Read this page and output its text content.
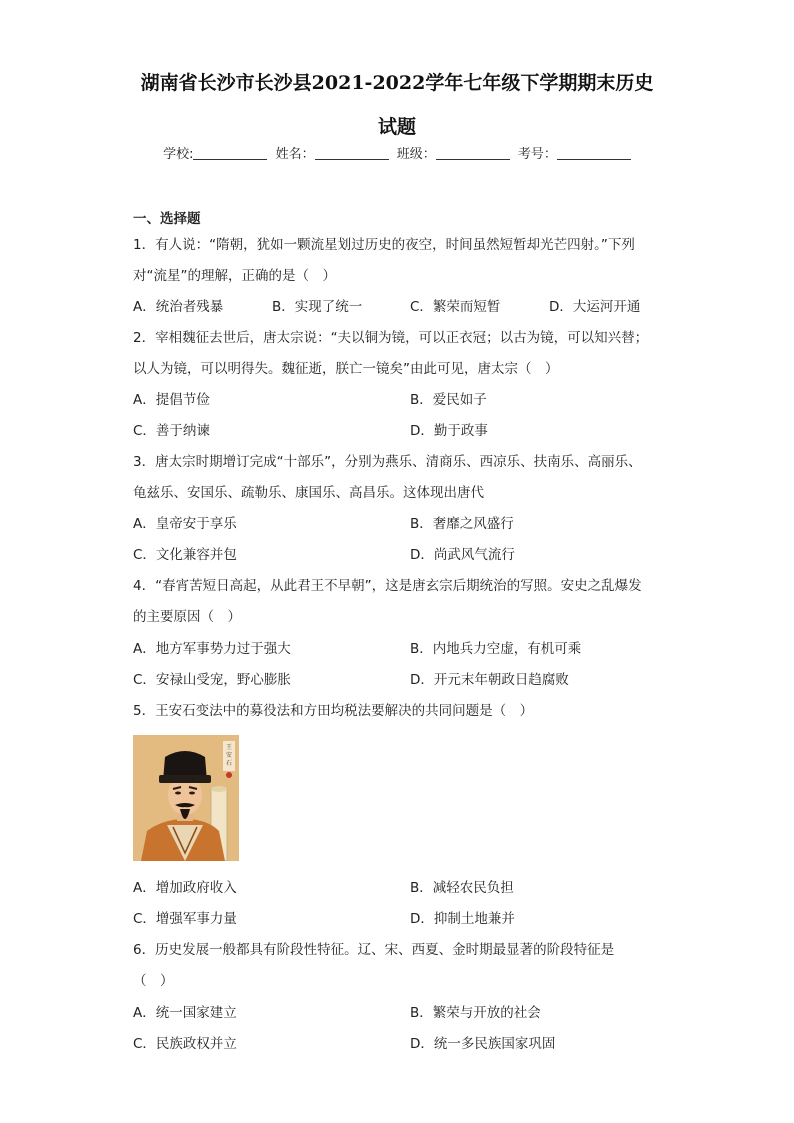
湖南省长沙市长沙县2021-2022学年七年级下学期期末历史
试题
学校:	姓名：	班级：	考号：
一、选择题
1．有人说：“隋朝，犹如一颗流星划过历史的夜空，时间虽然短暂却光芒四射。”下列
对“流星”的理解，正确的是（　）
A．统治者残暴	B．实现了统一	C．繁荣而短暂	D．大运河开通
2．宰相魏征去世后，唐太宗说：“夫以铜为镜，可以正衣冠；以古为镜，可以知兴替；
以人为镜，可以明得失。魏征逝，朕亡一镜矣”由此可见，唐太宗（　）
A．提倡节俭	B．爱民如子
C．善于纳谏	D．勤于政事
3．唐太宗时期增订完成“十部乐”，分别为燕乐、清商乐、西凉乐、扶南乐、高丽乐、
龟兹乐、安国乐、疏勒乐、康国乐、高昌乐。这体现出唐代
A．皇帝安于享乐	B．奢靡之风盛行
C．文化兼容并包	D．尚武风气流行
4．“春宵苦短日高起，从此君王不早朝”，这是唐玄宗后期统治的写照。安史之乱爆发
的主要原因（　）
A．地方军事势力过于强大	B．内地兵力空虚，有机可乘
C．安禄山受宠，野心膨胀	D．开元末年朝政日趋腐败
5．王安石变法中的募役法和方田均税法要解决的共同问题是（　）
王
安
石
A．增加政府收入	B．减轻农民负担
C．增强军事力量	D．抑制土地兼并
6．历史发展一般都具有阶段性特征。辽、宋、西夏、金时期最显著的阶段特征是
（　）
A．统一国家建立	B．繁荣与开放的社会
C．民族政权并立	D．统一多民族国家巩固
